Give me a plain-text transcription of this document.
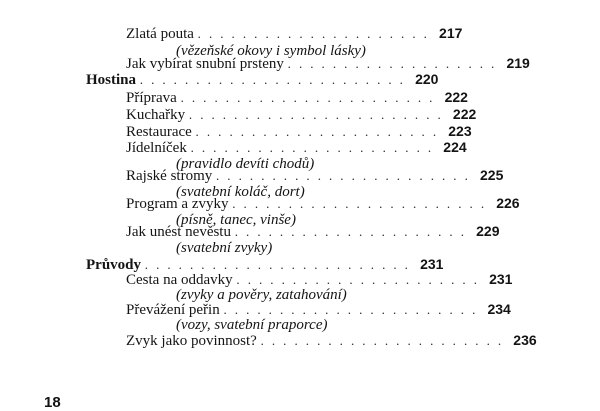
Zlatá pouta . . . . . . . . . . . . . . . . . . . . . 217
(vězeňské okovy i symbol lásky)
Jak vybírat snubní prsteny . . . . . . . . . . . . . . . . . . . 219
Hostina . . . . . . . . . . . . . . . . . . . . . . . . 220
Příprava . . . . . . . . . . . . . . . . . . . . . . . 222
Kuchařky . . . . . . . . . . . . . . . . . . . . . . . 222
Restaurace . . . . . . . . . . . . . . . . . . . . . . 223
Jídelníček . . . . . . . . . . . . . . . . . . . . . . 224
(pravidlo devíti chodů)
Rajské stromy . . . . . . . . . . . . . . . . . . . . . . . 225
(svatební koláč, dort)
Program a zvyky . . . . . . . . . . . . . . . . . . . . . . . 226
(písně, tanec, vinše)
Jak unést nevěstu . . . . . . . . . . . . . . . . . . . . . 229
(svatební zvyky)
Průvody . . . . . . . . . . . . . . . . . . . . . . . . 231
Cesta na oddavky . . . . . . . . . . . . . . . . . . . . . . 231
(zvyky a pověry, zatahování)
Převážení peřin . . . . . . . . . . . . . . . . . . . . . . . 234
(vozy, svatební praporce)
Zvyk jako povinnost? . . . . . . . . . . . . . . . . . . . . . . 236
18
